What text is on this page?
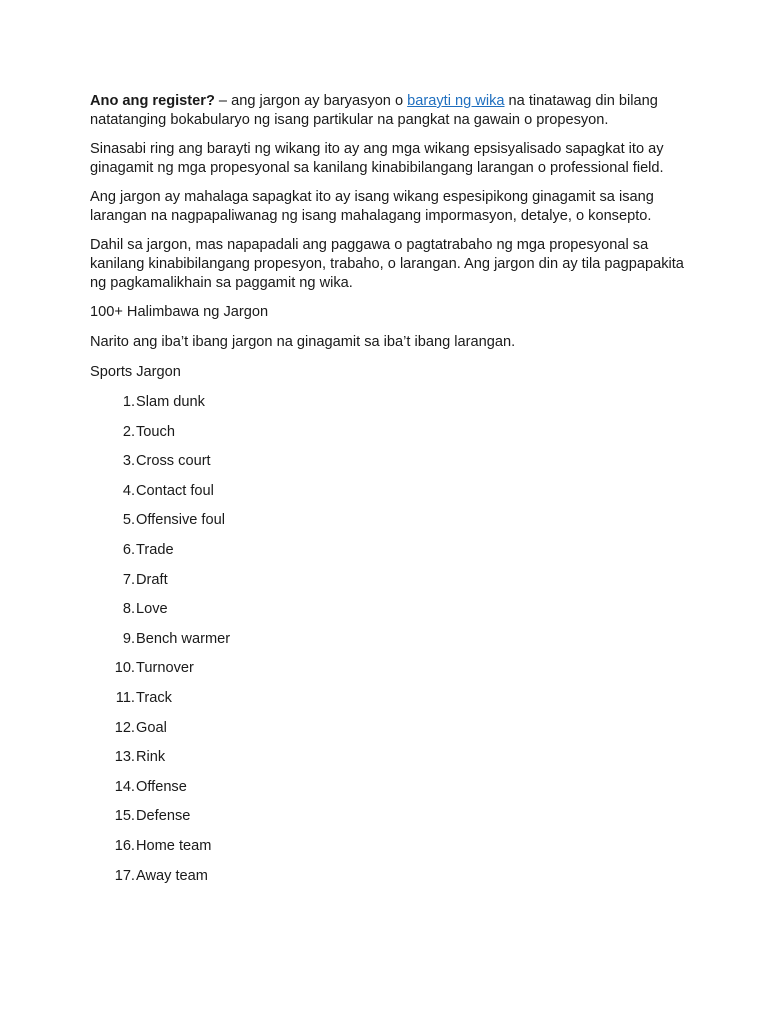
Ano ang register? – ang jargon ay baryasyon o barayti ng wika na tinatawag din bilang natatanging bokabularyo ng isang partikular na pangkat na gawain o propesyon.

Sinasabi ring ang barayti ng wikang ito ay ang mga wikang epsisyalisado sapagkat ito ay ginagamit ng mga propesyonal sa kanilang kinabibilangang larangan o professional field.

Ang jargon ay mahalaga sapagkat ito ay isang wikang espesipikong ginagamit sa isang larangan na nagpapaliwanag ng isang mahalagang impormasyon, detalye, o konsepto.

Dahil sa jargon, mas napapadali ang paggawa o pagtatrabaho ng mga propesyonal sa kanilang kinabibilangang propesyon, trabaho, o larangan. Ang jargon din ay tila pagpapakita ng pagkamalikhain sa paggamit ng wika.

100+ Halimbawa ng Jargon

Narito ang iba’t ibang jargon na ginagamit sa iba’t ibang larangan.

Sports Jargon

1. Slam dunk
2. Touch
3. Cross court
4. Contact foul
5. Offensive foul
6. Trade
7. Draft
8. Love
9. Bench warmer
10. Turnover
11. Track
12. Goal
13. Rink
14. Offense
15. Defense
16. Home team
17. Away team
